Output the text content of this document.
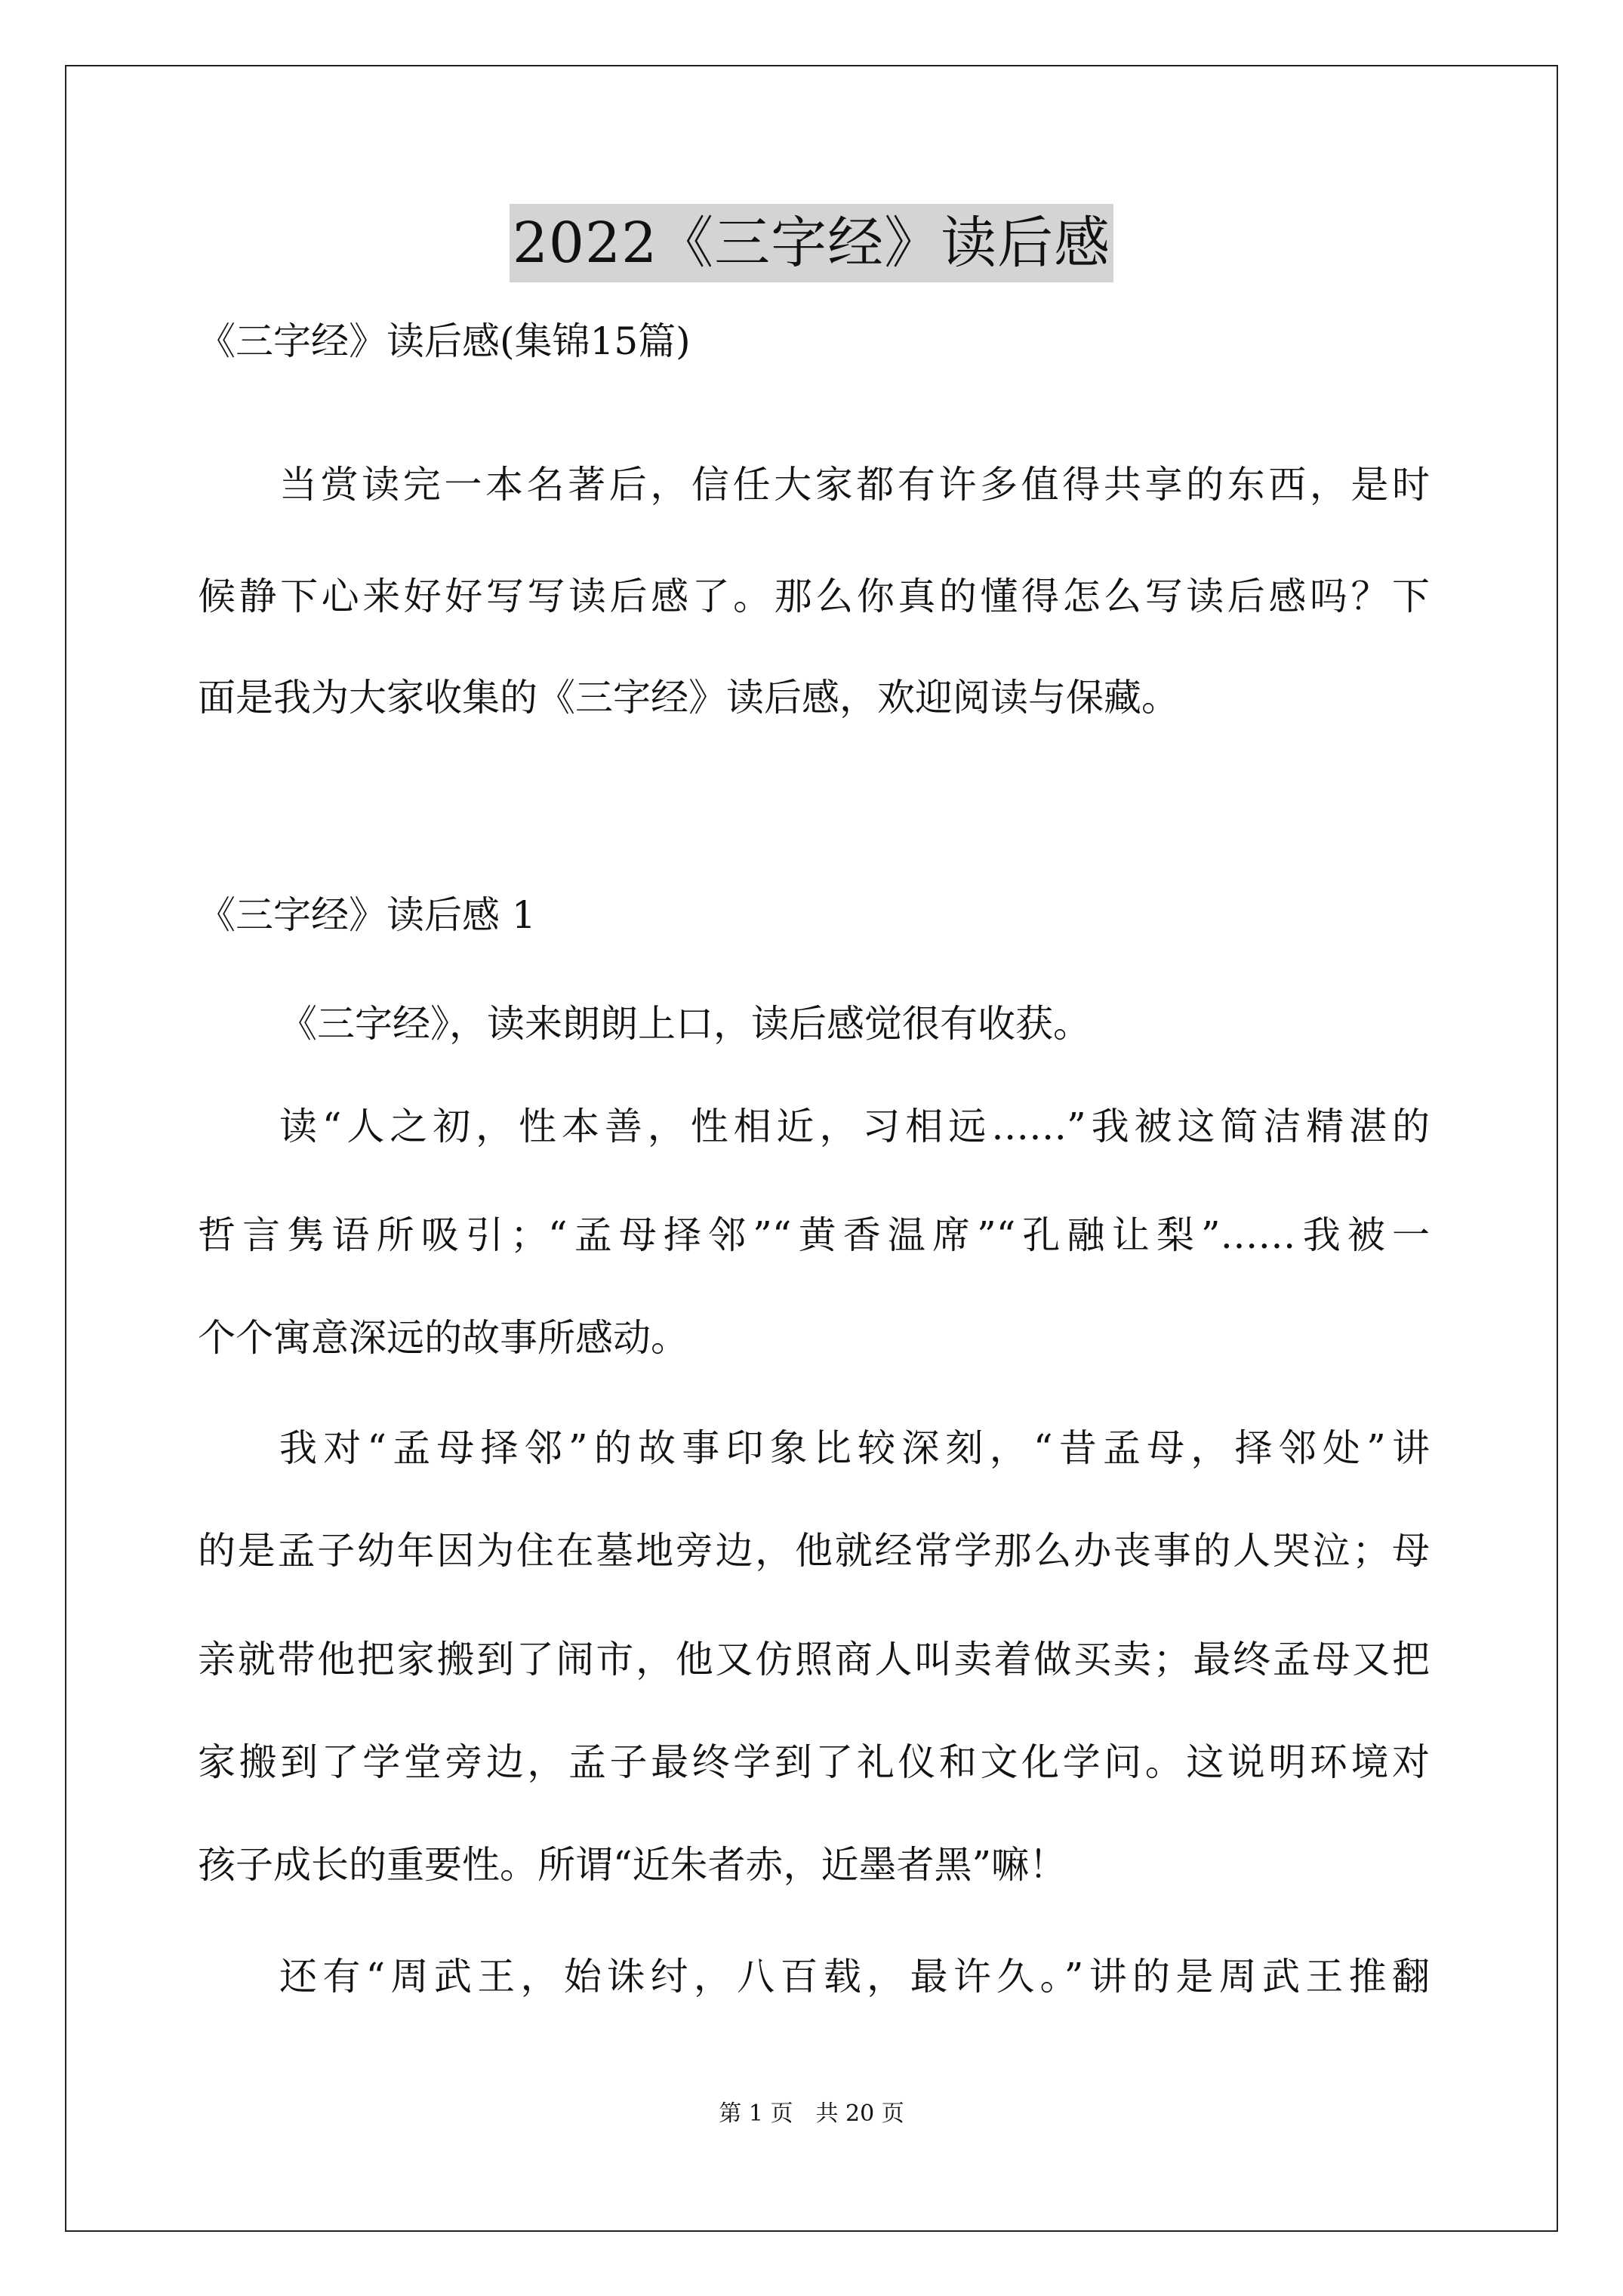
2022《三字经》读后感
《三字经》读后感(集锦15篇)
当赏读完一本名著后，信任大家都有许多值得共享的东西，是时
候静下心来好好写写读后感了。那么你真的懂得怎么写读后感吗？下
面是我为大家收集的《三字经》读后感，欢迎阅读与保藏。
《三字经》读后感 1
《三字经》，读来朗朗上口，读后感觉很有收获。
读“人之初，性本善，性相近，习相远……”我被这简洁精湛的
哲言隽语所吸引；“孟母择邻”“黄香温席”“孔融让梨”……我被一
个个寓意深远的故事所感动。
我对“孟母择邻”的故事印象比较深刻，“昔孟母，择邻处”讲
的是孟子幼年因为住在墓地旁边，他就经常学那么办丧事的人哭泣；母
亲就带他把家搬到了闹市，他又仿照商人叫卖着做买卖；最终孟母又把
家搬到了学堂旁边，孟子最终学到了礼仪和文化学问。这说明环境对
孩子成长的重要性。所谓“近朱者赤，近墨者黑”嘛！
还有“周武王，始诛纣，八百载，最许久。”讲的是周武王推翻
第 1 页　共 20 页
